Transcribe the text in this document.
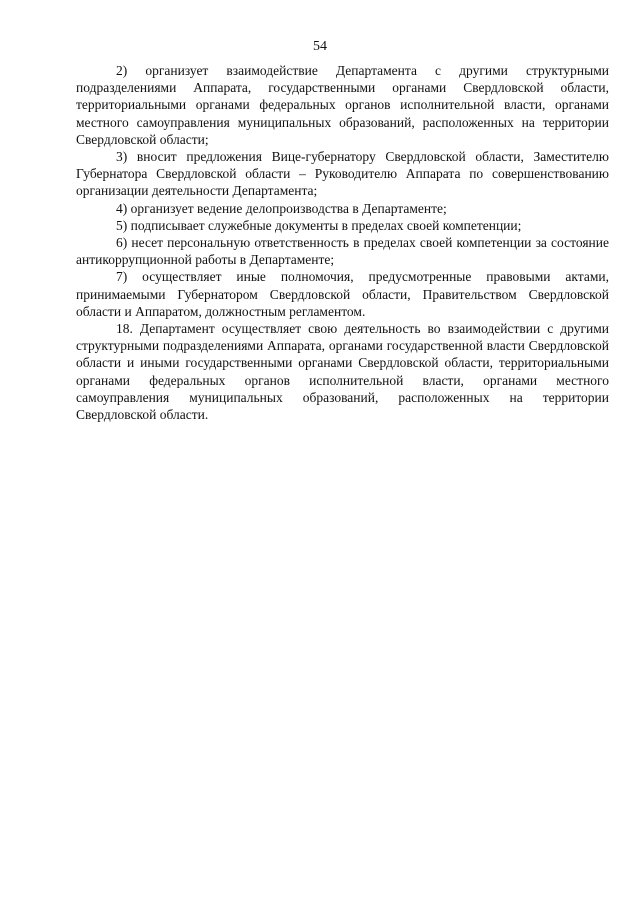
54

2) организует взаимодействие Департамента с другими структурными подразделениями Аппарата, государственными органами Свердловской области, территориальными органами федеральных органов исполнительной власти, органами местного самоуправления муниципальных образований, расположенных на территории Свердловской области;

3) вносит предложения Вице-губернатору Свердловской области, Заместителю Губернатора Свердловской области – Руководителю Аппарата по совершенствованию организации деятельности Департамента;

4) организует ведение делопроизводства в Департаменте;

5) подписывает служебные документы в пределах своей компетенции;

6) несет персональную ответственность в пределах своей компетенции за состояние антикоррупционной работы в Департаменте;

7) осуществляет иные полномочия, предусмотренные правовыми актами, принимаемыми Губернатором Свердловской области, Правительством Свердловской области и Аппаратом, должностным регламентом.

18. Департамент осуществляет свою деятельность во взаимодействии с другими структурными подразделениями Аппарата, органами государственной власти Свердловской области и иными государственными органами Свердловской области, территориальными органами федеральных органов исполнительной власти, органами местного самоуправления муниципальных образований, расположенных на территории Свердловской области.
